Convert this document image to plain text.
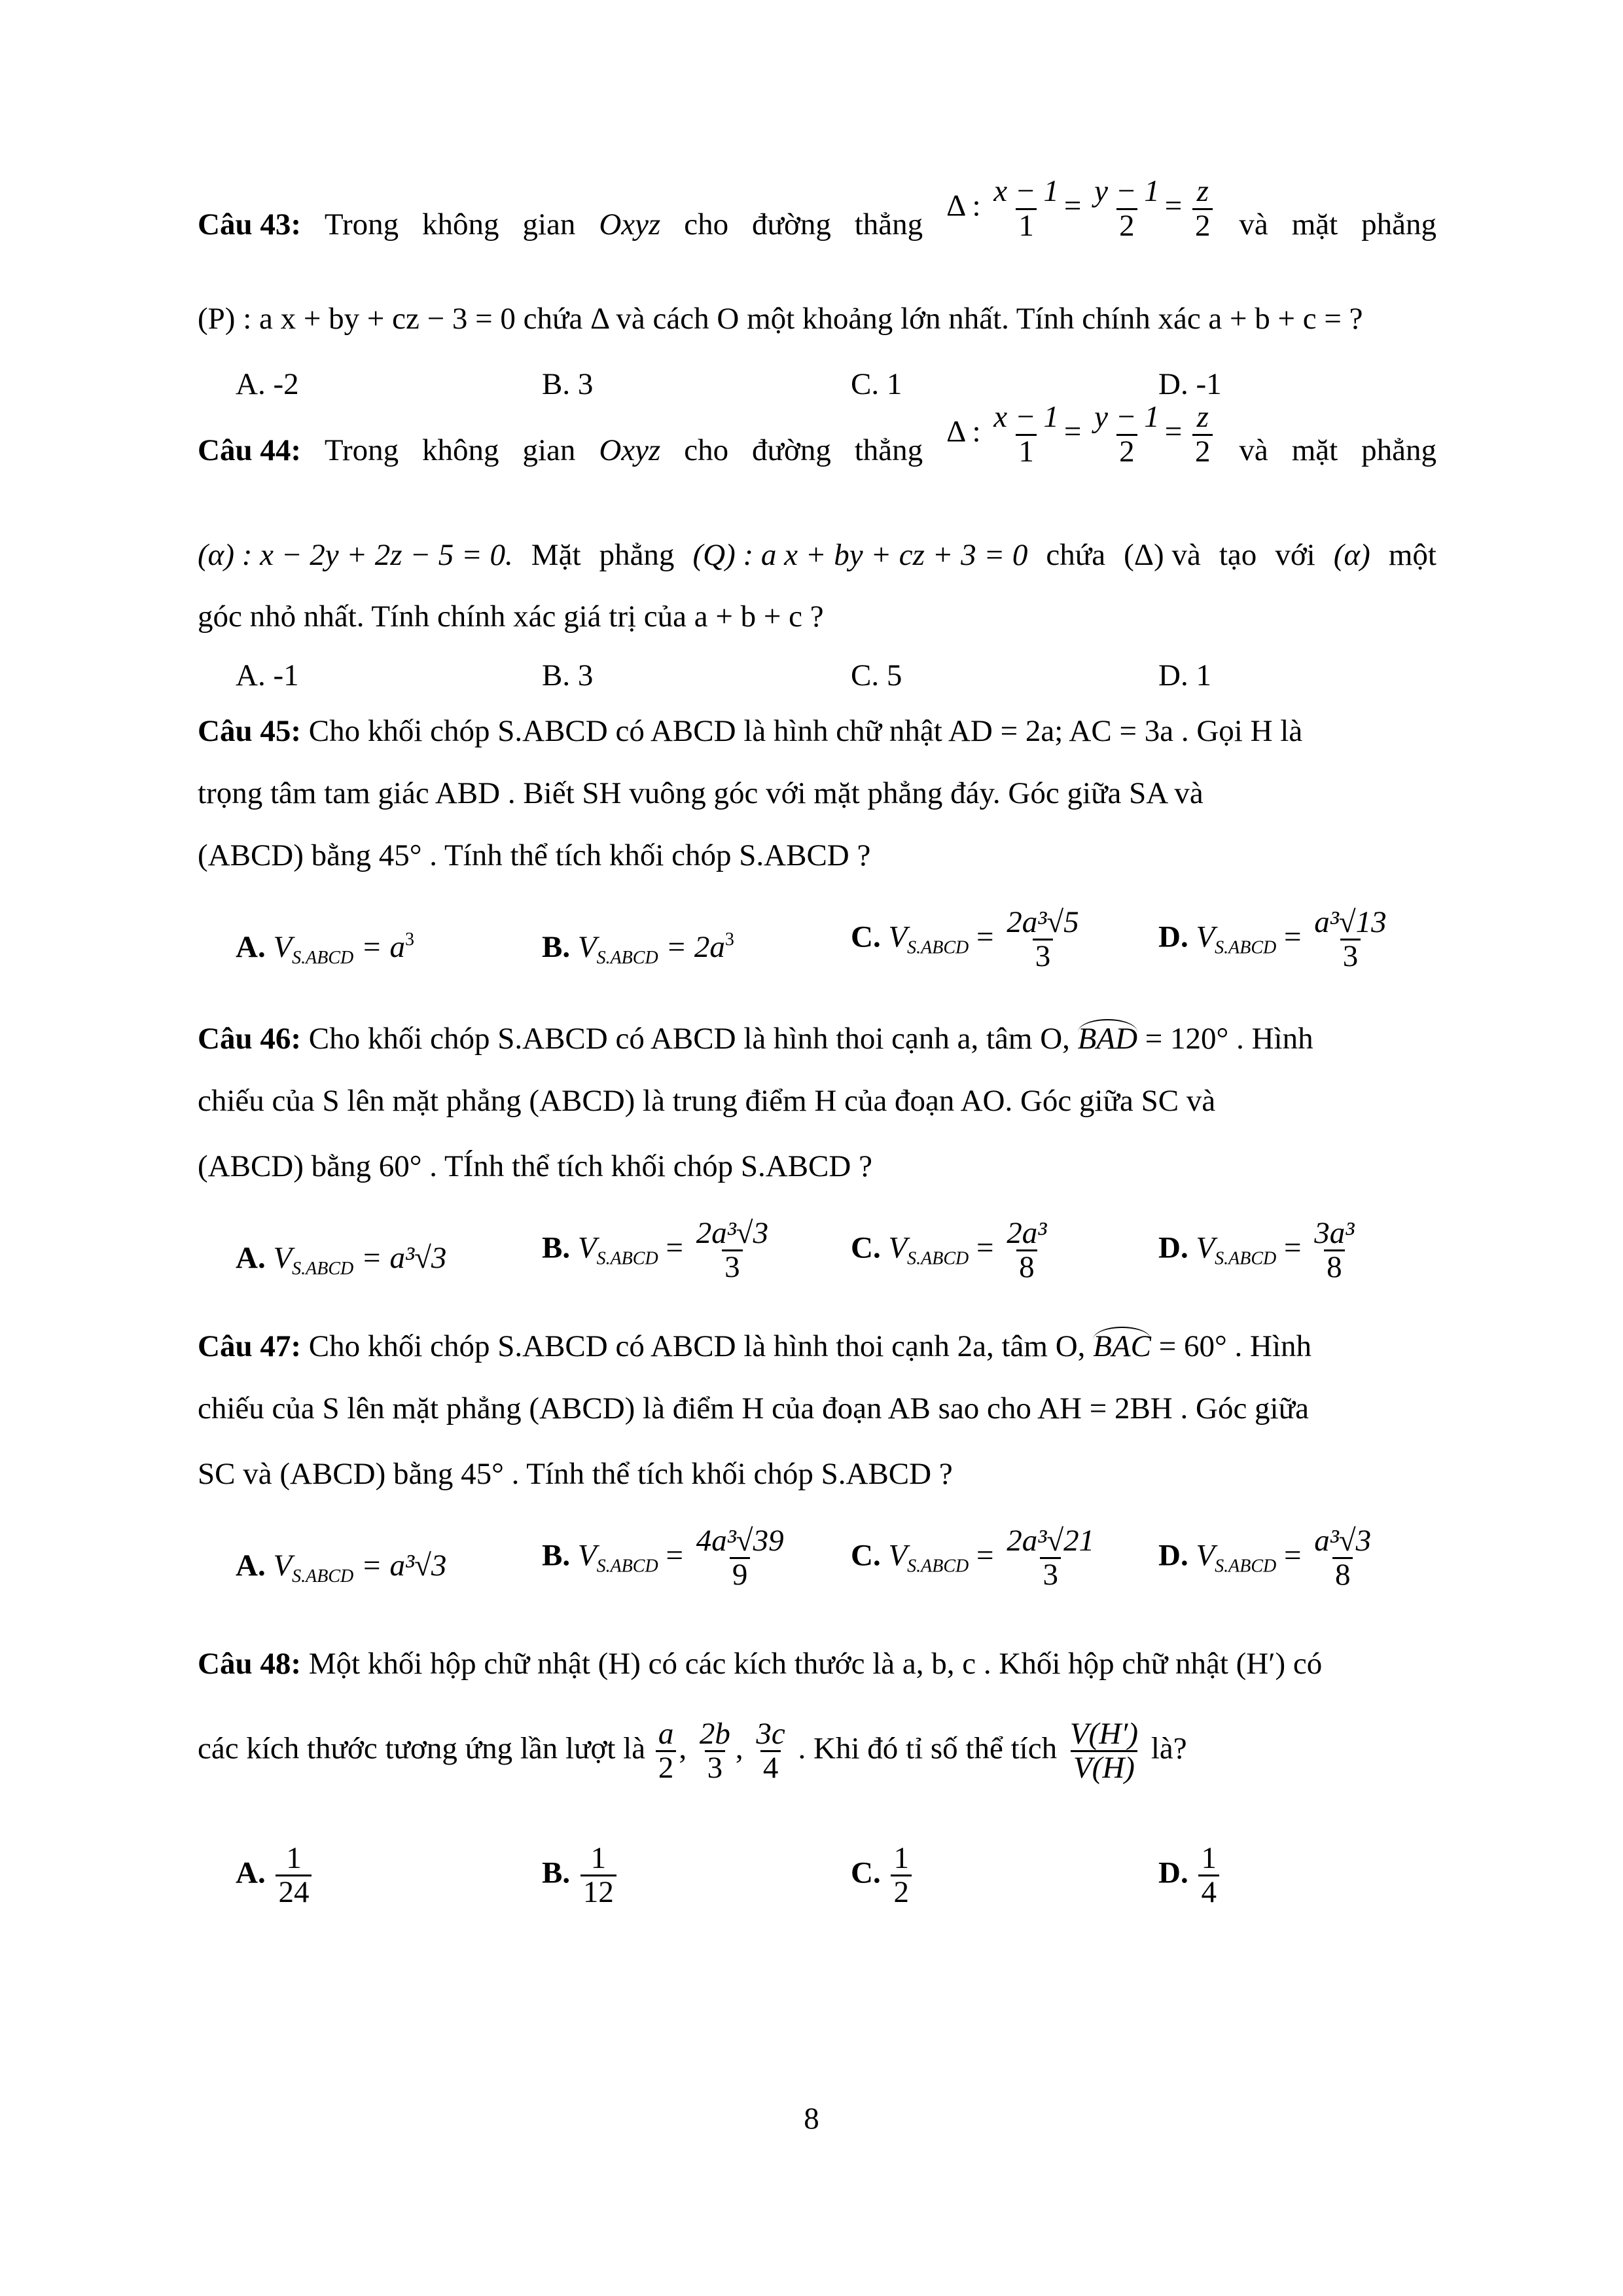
Câu 43: Trong không gian Oxyz cho đường thẳng
Δ : $\frac{x - 1}{1} = \frac{y - 1}{2} = \frac{z}{2}$ và mặt phẳng
(P) : a x + by + cz − 3 = 0 chứa Δ và cách O một khoảng lớn nhất. Tính chính xác a + b + c = ?
A. -2	B. 3	C. 1	D. -1
Câu 44: Trong không gian Oxyz cho đường thẳng
Δ : $\frac{x - 1}{1} = \frac{y - 1}{2} = \frac{z}{2}$ và mặt phẳng
(α) : x − 2y + 2z − 5 = 0. Mặt phẳng (Q) : a x + by + cz + 3 = 0 chứa (Δ) và tạo với (α) một
góc nhỏ nhất. Tính chính xác giá trị của a + b + c ?
A. -1	B. 3	C. 5	D. 1
Câu 45: Cho khối chóp S.ABCD có ABCD là hình chữ nhật AD = 2a; AC = 3a . Gọi H là
trọng tâm tam giác ABD . Biết SH vuông góc với mặt phẳng đáy. Góc giữa SA và
(ABCD) bằng 45° . Tính thể tích khối chóp S.ABCD ?
A. $V_{S.ABCD} = a^3$	B. $V_{S.ABCD} = 2a^3$	C. $V_{S.ABCD} = \frac{\text{2a³√5}}{3} D$. $V_{S.ABCD} = \frac{\text{a³√13}}{3}$
Câu 46: Cho khối chóp S.ABCD có ABCD là hình thoi cạnh a, tâm O, BAD = 120° . Hình
chiếu của S lên mặt phẳng (ABCD) là trung điểm H của đoạn AO. Góc giữa SC và
(ABCD) bằng 60° . TÍnh thể tích khối chóp S.ABCD ?
A. $V_{S.ABCD} = a^3√3$	B. $V_{S.ABCD} = \frac{\text{2a³√3}}{3}$	C. $V_{S.ABCD} = \frac{\text{2a³}}{8}$	D. $V_{S.ABCD} = \frac{\text{3a³}}{8}$
Câu 47: Cho khối chóp S.ABCD có ABCD là hình thoi cạnh 2a, tâm O, BAC = 60° . Hình
chiếu của S lên mặt phẳng (ABCD) là điểm H của đoạn AB sao cho AH = 2BH . Góc giữa
SC và (ABCD) bằng 45° . Tính thể tích khối chóp S.ABCD ?
A. $V_{S.ABCD} = a^3√3$	B. $V_{S.ABCD} = \frac{\text{4a³√39}}{9} C$. $V_{S.ABCD} = \frac{\text{2a³√21}}{3} D$. $V_{S.ABCD} = \frac{\text{a³√3}}{8}$
Câu 48: Một khối hộp chữ nhật (H) có các kích thước là a, b, c . Khối hộp chữ nhật (H′) có
các kích thước tương ứng lần lượt là $\frac{a}{2}$ , $\frac{2b}{3}$ , $\frac{3c}{4}$ . Khi đó tỉ số thể tích $\frac{V(H')}{V(H)}$ là?
A. $\frac{1}{24}$	B. $\frac{1}{12}$	C. $\frac{1}{2}$	D. $\frac{1}{4}$
8
